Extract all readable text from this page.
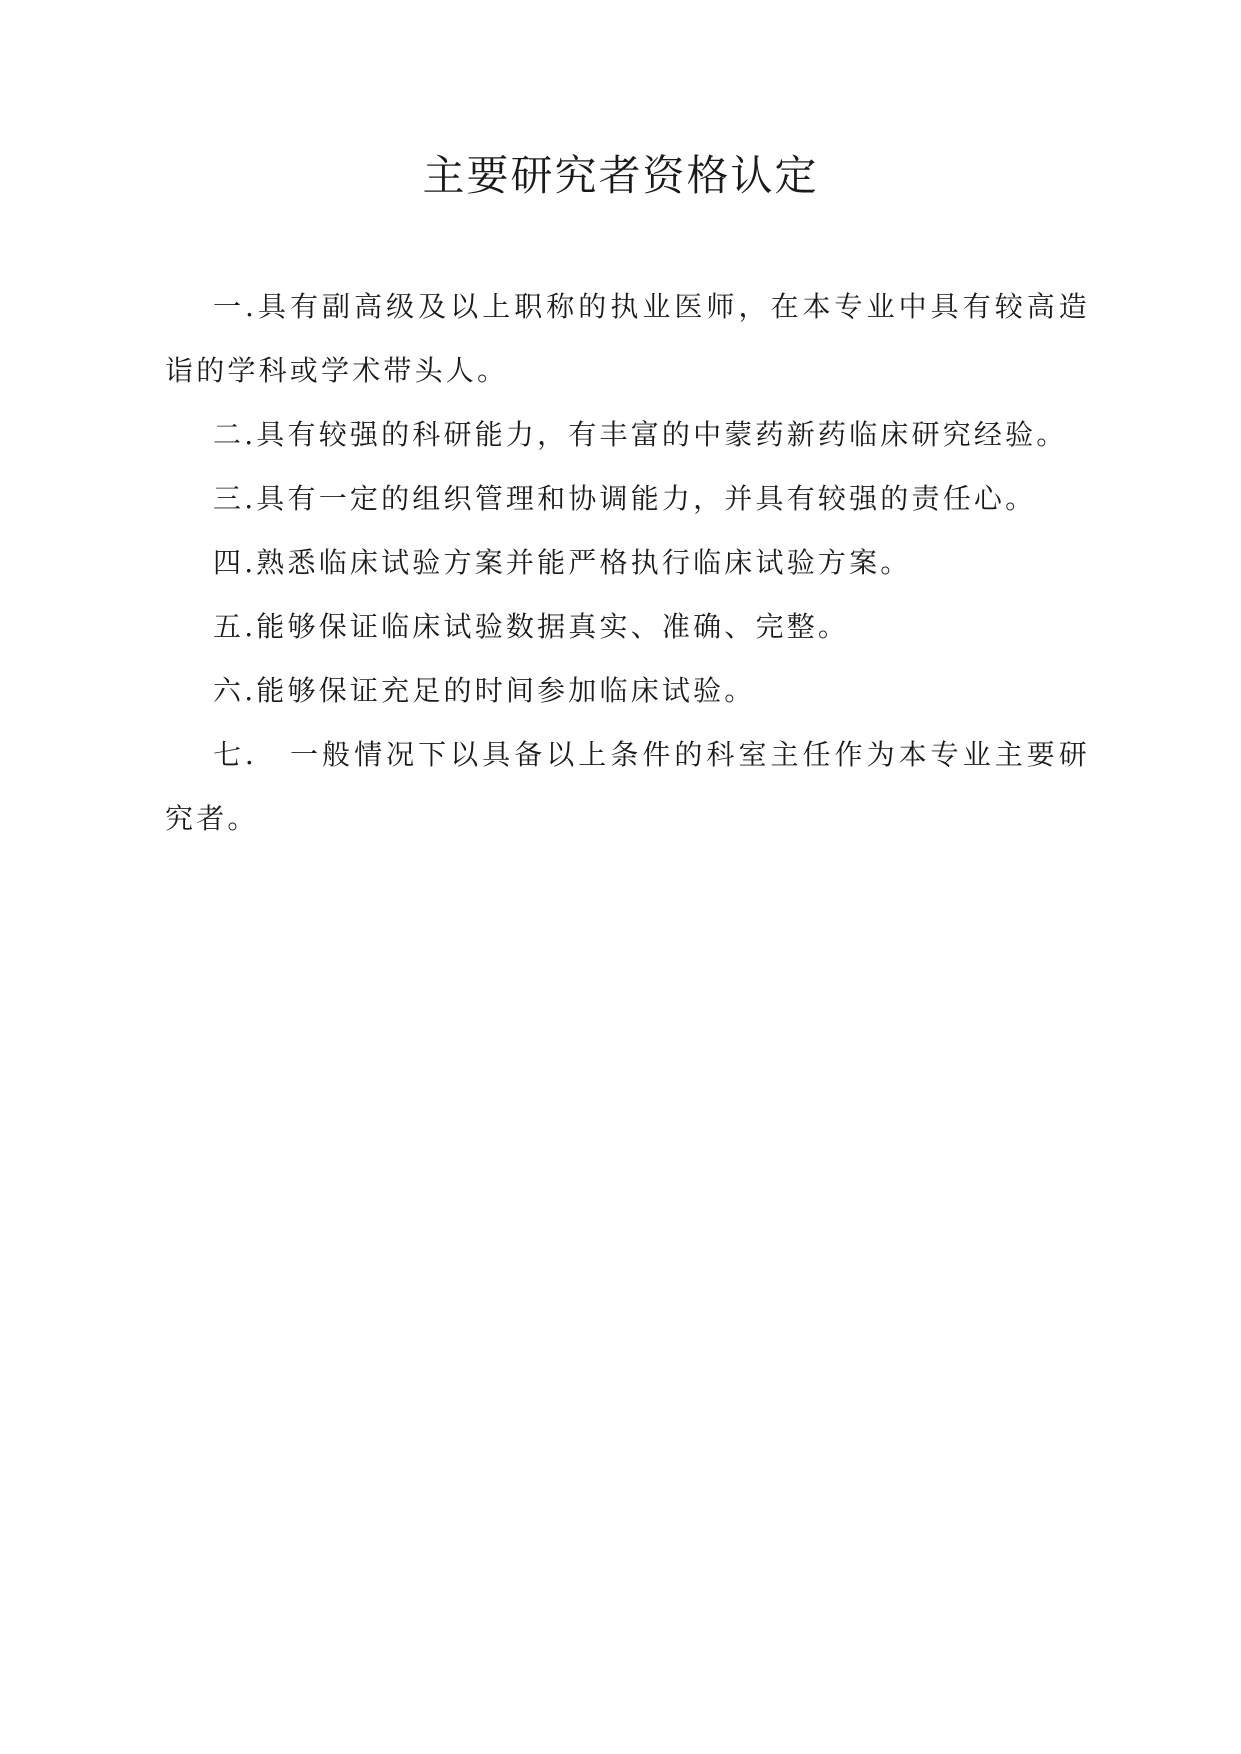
主要研究者资格认定

一.具有副高级及以上职称的执业医师，在本专业中具有较高造诣的学科或学术带头人。

二.具有较强的科研能力，有丰富的中蒙药新药临床研究经验。

三.具有一定的组织管理和协调能力，并具有较强的责任心。

四.熟悉临床试验方案并能严格执行临床试验方案。

五.能够保证临床试验数据真实、准确、完整。

六.能够保证充足的时间参加临床试验。

七． 一般情况下以具备以上条件的科室主任作为本专业主要研究者。
